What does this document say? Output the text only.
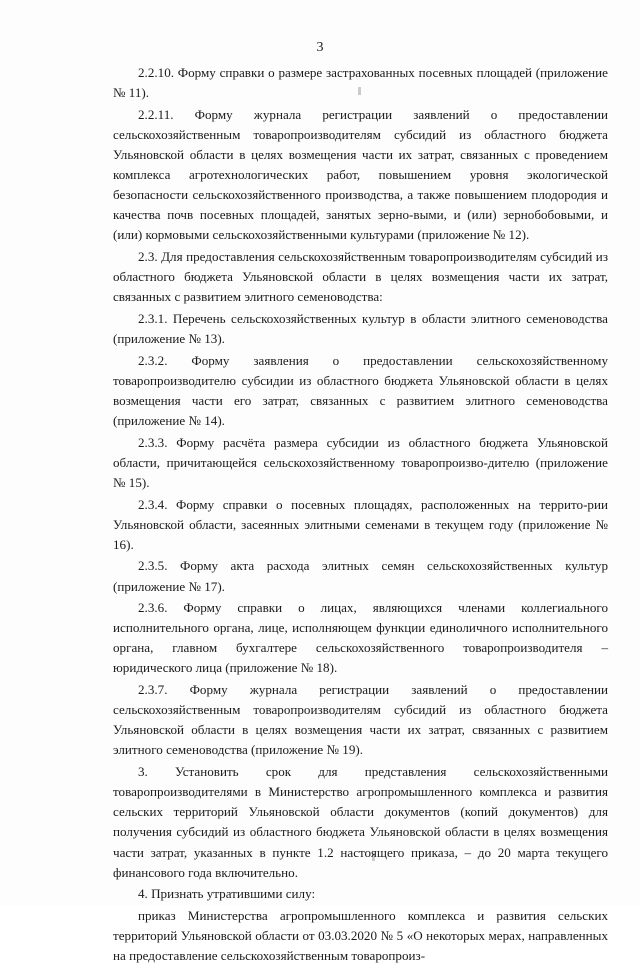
3

2.2.10. Форму справки о размере застрахованных посевных площадей (приложение № 11).

2.2.11. Форму журнала регистрации заявлений о предоставлении сельскохозяйственным товаропроизводителям субсидий из областного бюджета Ульяновской области в целях возмещения части их затрат, связанных с проведением комплекса агротехнологических работ, повышением уровня экологической безопасности сельскохозяйственного производства, а также повышением плодородия и качества почв посевных площадей, занятых зерно-выми, и (или) зернобобовыми, и (или) кормовыми сельскохозяйственными культурами (приложение № 12).

2.3. Для предоставления сельскохозяйственным товаропроизводителям субсидий из областного бюджета Ульяновской области в целях возмещения части их затрат, связанных с развитием элитного семеноводства:

2.3.1. Перечень сельскохозяйственных культур в области элитного семеноводства (приложение № 13).

2.3.2. Форму заявления о предоставлении сельскохозяйственному товаропроизводителю субсидии из областного бюджета Ульяновской области в целях возмещения части его затрат, связанных с развитием элитного семеноводства (приложение № 14).

2.3.3. Форму расчёта размера субсидии из областного бюджета Ульяновской области, причитающейся сельскохозяйственному товаропроизво-дителю (приложение № 15).

2.3.4. Форму справки о посевных площадях, расположенных на террито-рии Ульяновской области, засеянных элитными семенами в текущем году (приложение № 16).

2.3.5. Форму акта расхода элитных семян сельскохозяйственных культур (приложение № 17).

2.3.6. Форму справки о лицах, являющихся членами коллегиального исполнительного органа, лице, исполняющем функции единоличного исполнительного органа, главном бухгалтере сельскохозяйственного товаропроизводителя – юридического лица (приложение № 18).

2.3.7. Форму журнала регистрации заявлений о предоставлении сельскохозяйственным товаропроизводителям субсидий из областного бюджета Ульяновской области в целях возмещения части их затрат, связанных с развитием элитного семеноводства (приложение № 19).

3. Установить срок для представления сельскохозяйственными товаропроизводителями в Министерство агропромышленного комплекса и развития сельских территорий Ульяновской области документов (копий документов) для получения субсидий из областного бюджета Ульяновской области в целях возмещения части затрат, указанных в пункте 1.2 настоящего приказа, – до 20 марта текущего финансового года включительно.

4. Признать утратившими силу:

приказ Министерства агропромышленного комплекса и развития сельских территорий Ульяновской области от 03.03.2020 № 5 «О некоторых мерах, направленных на предоставление сельскохозяйственным товаропроиз-
